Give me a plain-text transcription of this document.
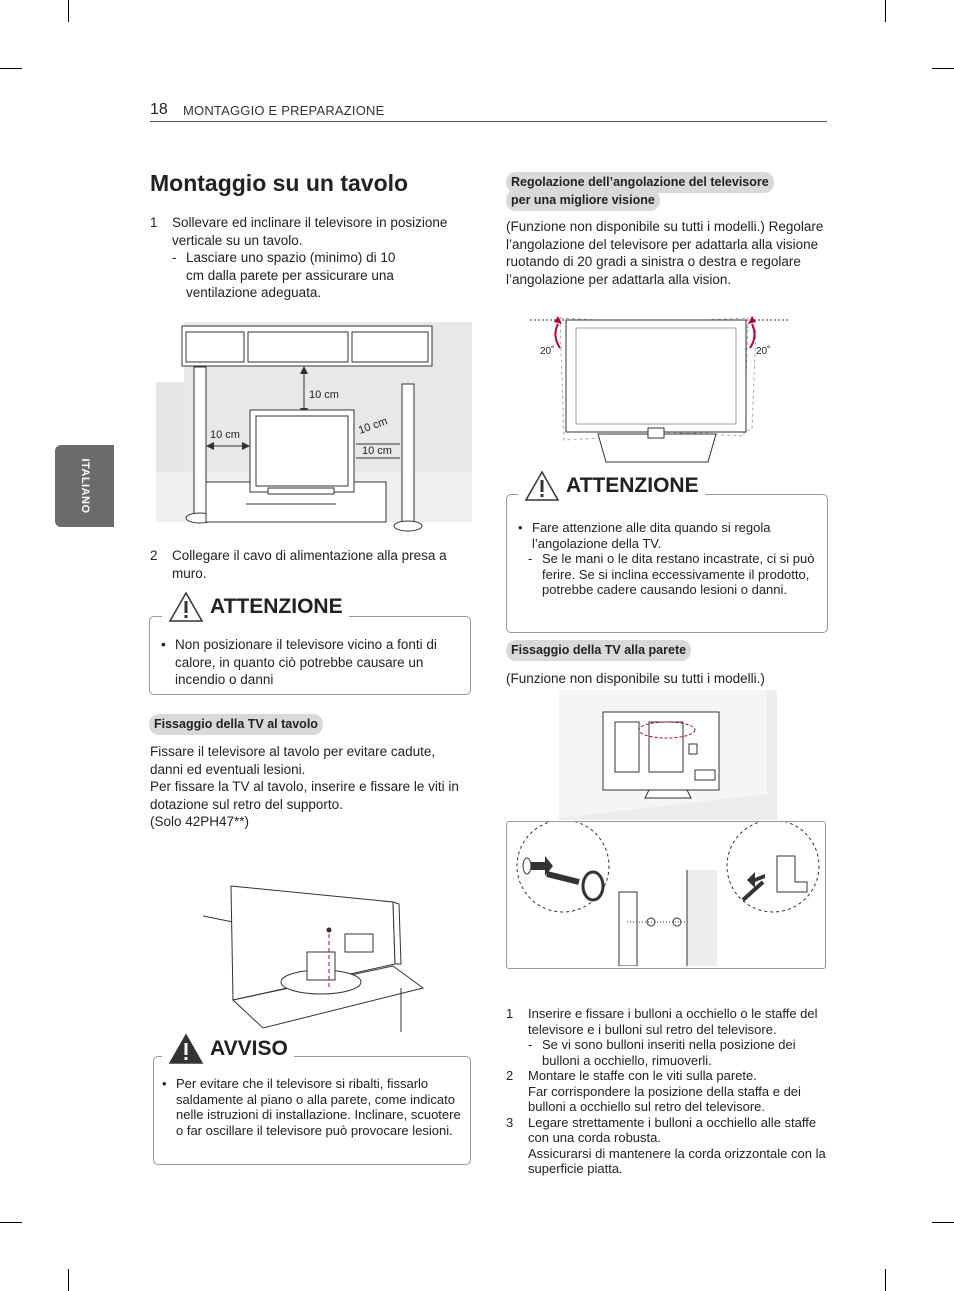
18 MONTAGGIO E PREPARAZIONE
ITALIANO
Montaggio su un tavolo
1	Sollevare ed inclinare il televisore in posizione verticale su un tavolo.
- Lasciare uno spazio (minimo) di 10 cm dalla parete per assicurare una ventilazione adeguata.
10 cm
10 cm	10 cm
10 cm
2	Collegare il cavo di alimentazione alla presa a muro.
ATTENZIONE
• Non posizionare il televisore vicino a fonti di calore, in quanto ciò potrebbe causare un incendio o danni
Fissaggio della TV al tavolo
Fissare il televisore al tavolo per evitare cadute, danni ed eventuali lesioni.
Per fissare la TV al tavolo, inserire e fissare le viti in dotazione sul retro del supporto.
(Solo 42PH47**)
AVVISO
• Per evitare che il televisore si ribalti, fissarlo saldamente al piano o alla parete, come indicato nelle istruzioni di installazione. Inclinare, scuotere o far oscillare il televisore può provocare lesioni.
Regolazione dell’angolazione del televisore
per una migliore visione
(Funzione non disponibile su tutti i modelli.) Regolare l’angolazione del televisore per adattarla alla visione ruotando di 20 gradi a sinistra o destra e regolare l’angolazione per adattarla alla vision.
20˚	20˚
ATTENZIONE
• Fare attenzione alle dita quando si regola l’angolazione della TV.
- Se le mani o le dita restano incastrate, ci si può ferire. Se si inclina eccessivamente il prodotto, potrebbe cadere causando lesioni o danni.
Fissaggio della TV alla parete
(Funzione non disponibile su tutti i modelli.)
1	Inserire e fissare i bulloni a occhiello o le staffe del televisore e i bulloni sul retro del televisore.
- Se vi sono bulloni inseriti nella posizione dei bulloni a occhiello, rimuoverli.
2	Montare le staffe con le viti sulla parete.
Far corrispondere la posizione della staffa e dei bulloni a occhiello sul retro del televisore.
3	Legare strettamente i bulloni a occhiello alle staffe con una corda robusta.
Assicurarsi di mantenere la corda orizzontale con la superficie piatta.
